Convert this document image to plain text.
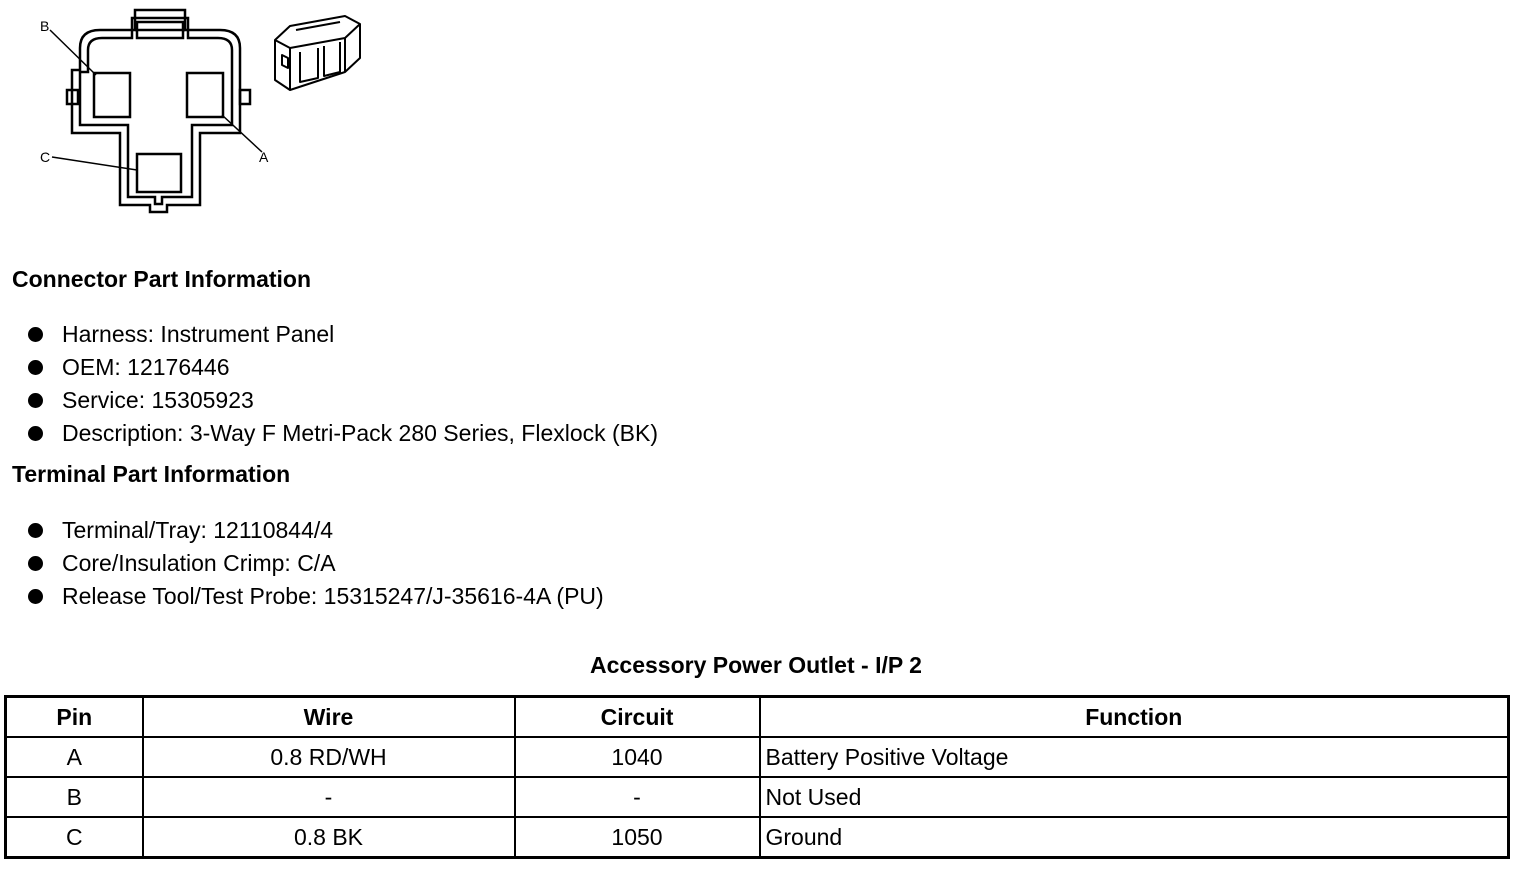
B
C	A
Connector Part Information
Harness: Instrument Panel
OEM: 12176446
Service: 15305923
Description: 3-Way F Metri-Pack 280 Series, Flexlock (BK)
Terminal Part Information
Terminal/Tray: 12110844/4
Core/Insulation Crimp: C/A
Release Tool/Test Probe: 15315247/J-35616-4A (PU)
Accessory Power Outlet - I/P 2
Pin	Wire	Circuit	Function
A	0.8 RD/WH	1040	Battery Positive Voltage
B	-	-	Not Used
C	0.8 BK	1050	Ground
